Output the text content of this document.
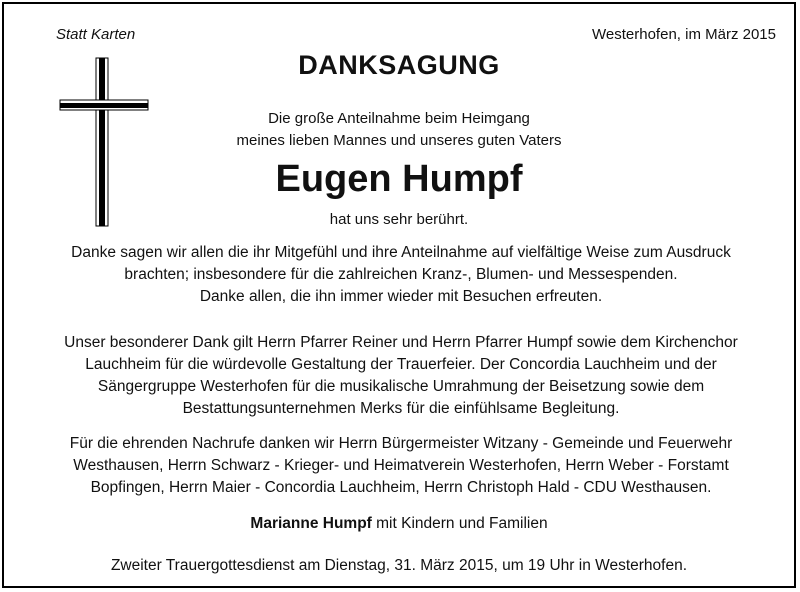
Statt Karten	Westerhofen, im März 2015
DANKSAGUNG
Die große Anteilnahme beim Heimgang
meines lieben Mannes und unseres guten Vaters
Eugen Humpf
hat uns sehr berührt.
Danke sagen wir allen die ihr Mitgefühl und ihre Anteilnahme auf vielfältige Weise zum Ausdruck
brachten; insbesondere für die zahlreichen Kranz-, Blumen- und Messespenden.
Danke allen, die ihn immer wieder mit Besuchen erfreuten.
Unser besonderer Dank gilt Herrn Pfarrer Reiner und Herrn Pfarrer Humpf sowie dem Kirchenchor
Lauchheim für die würdevolle Gestaltung der Trauerfeier. Der Concordia Lauchheim und der
Sängergruppe Westerhofen für die musikalische Umrahmung der Beisetzung sowie dem
Bestattungsunternehmen Merks für die einfühlsame Begleitung.
Für die ehrenden Nachrufe danken wir Herrn Bürgermeister Witzany - Gemeinde und Feuerwehr
Westhausen, Herrn Schwarz - Krieger- und Heimatverein Westerhofen, Herrn Weber - Forstamt
Bopfingen, Herrn Maier - Concordia Lauchheim, Herrn Christoph Hald - CDU Westhausen.
Marianne Humpf mit Kindern und Familien
Zweiter Trauergottesdienst am Dienstag, 31. März 2015, um 19 Uhr in Westerhofen.
